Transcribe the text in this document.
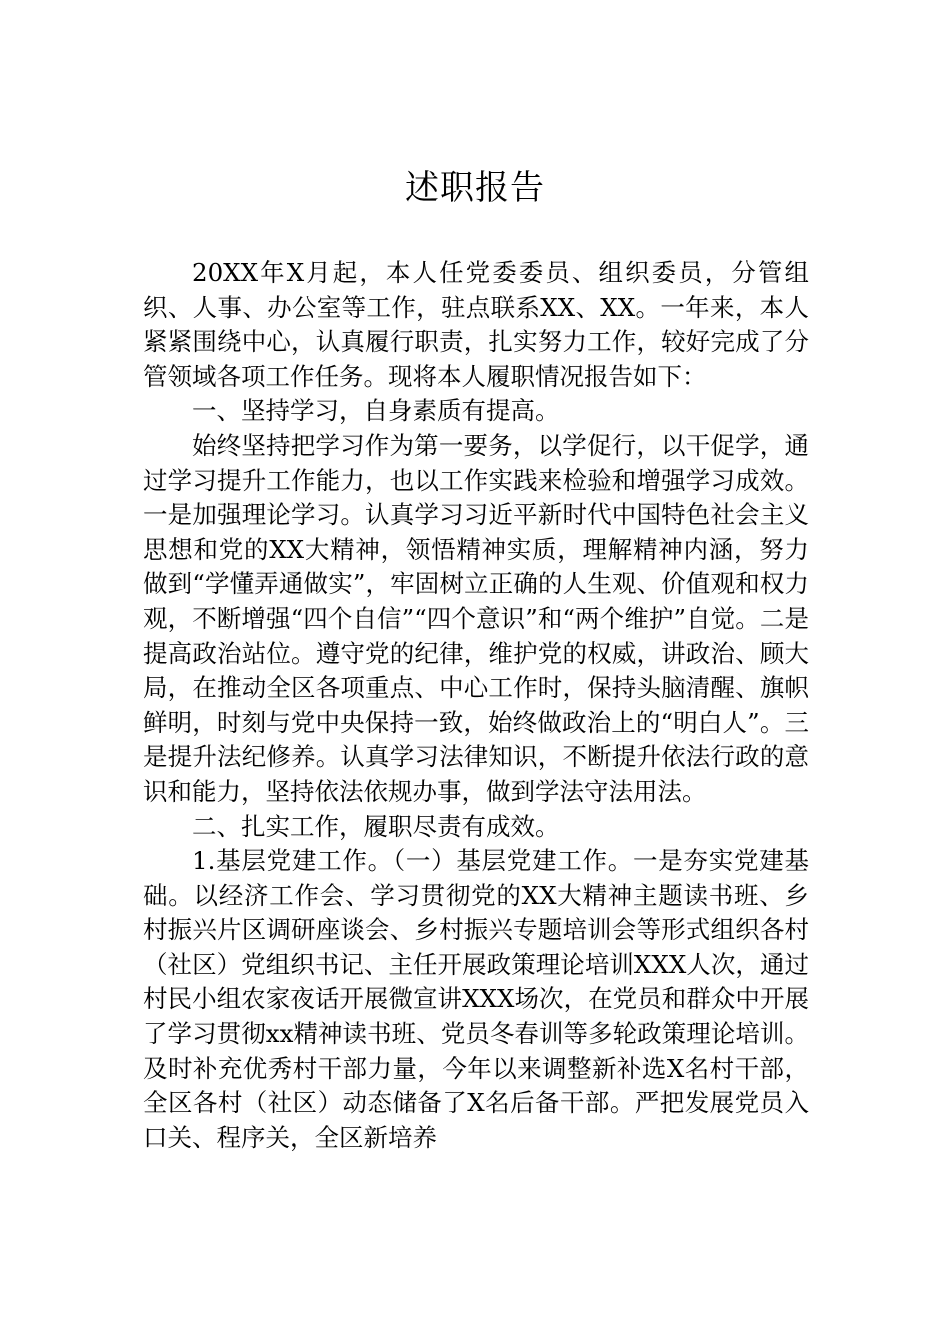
述职报告

20XX年X月起，本人任党委委员、组织委员，分管组织、人事、办公室等工作，驻点联系XX、XX。一年来，本人紧紧围绕中心，认真履行职责，扎实努力工作，较好完成了分管领域各项工作任务。现将本人履职情况报告如下：

一、坚持学习，自身素质有提高。

始终坚持把学习作为第一要务，以学促行，以干促学，通过学习提升工作能力，也以工作实践来检验和增强学习成效。一是加强理论学习。认真学习习近平新时代中国特色社会主义思想和党的XX大精神，领悟精神实质，理解精神内涵，努力做到“学懂弄通做实”，牢固树立正确的人生观、价值观和权力观，不断增强“四个自信”“四个意识”和“两个维护”自觉。二是提高政治站位。遵守党的纪律，维护党的权威，讲政治、顾大局，在推动全区各项重点、中心工作时，保持头脑清醒、旗帜鲜明，时刻与党中央保持一致，始终做政治上的“明白人”。三是提升法纪修养。认真学习法律知识，不断提升依法行政的意识和能力，坚持依法依规办事，做到学法守法用法。

二、扎实工作，履职尽责有成效。

1.基层党建工作。（一）基层党建工作。一是夯实党建基础。以经济工作会、学习贯彻党的XX大精神主题读书班、乡村振兴片区调研座谈会、乡村振兴专题培训会等形式组织各村（社区）党组织书记、主任开展政策理论培训XXX人次，通过村民小组农家夜话开展微宣讲XXX场次，在党员和群众中开展了学习贯彻xx精神读书班、党员冬春训等多轮政策理论培训。及时补充优秀村干部力量，今年以来调整新补选X名村干部，全区各村（社区）动态储备了X名后备干部。严把发展党员入口关、程序关，全区新培养
